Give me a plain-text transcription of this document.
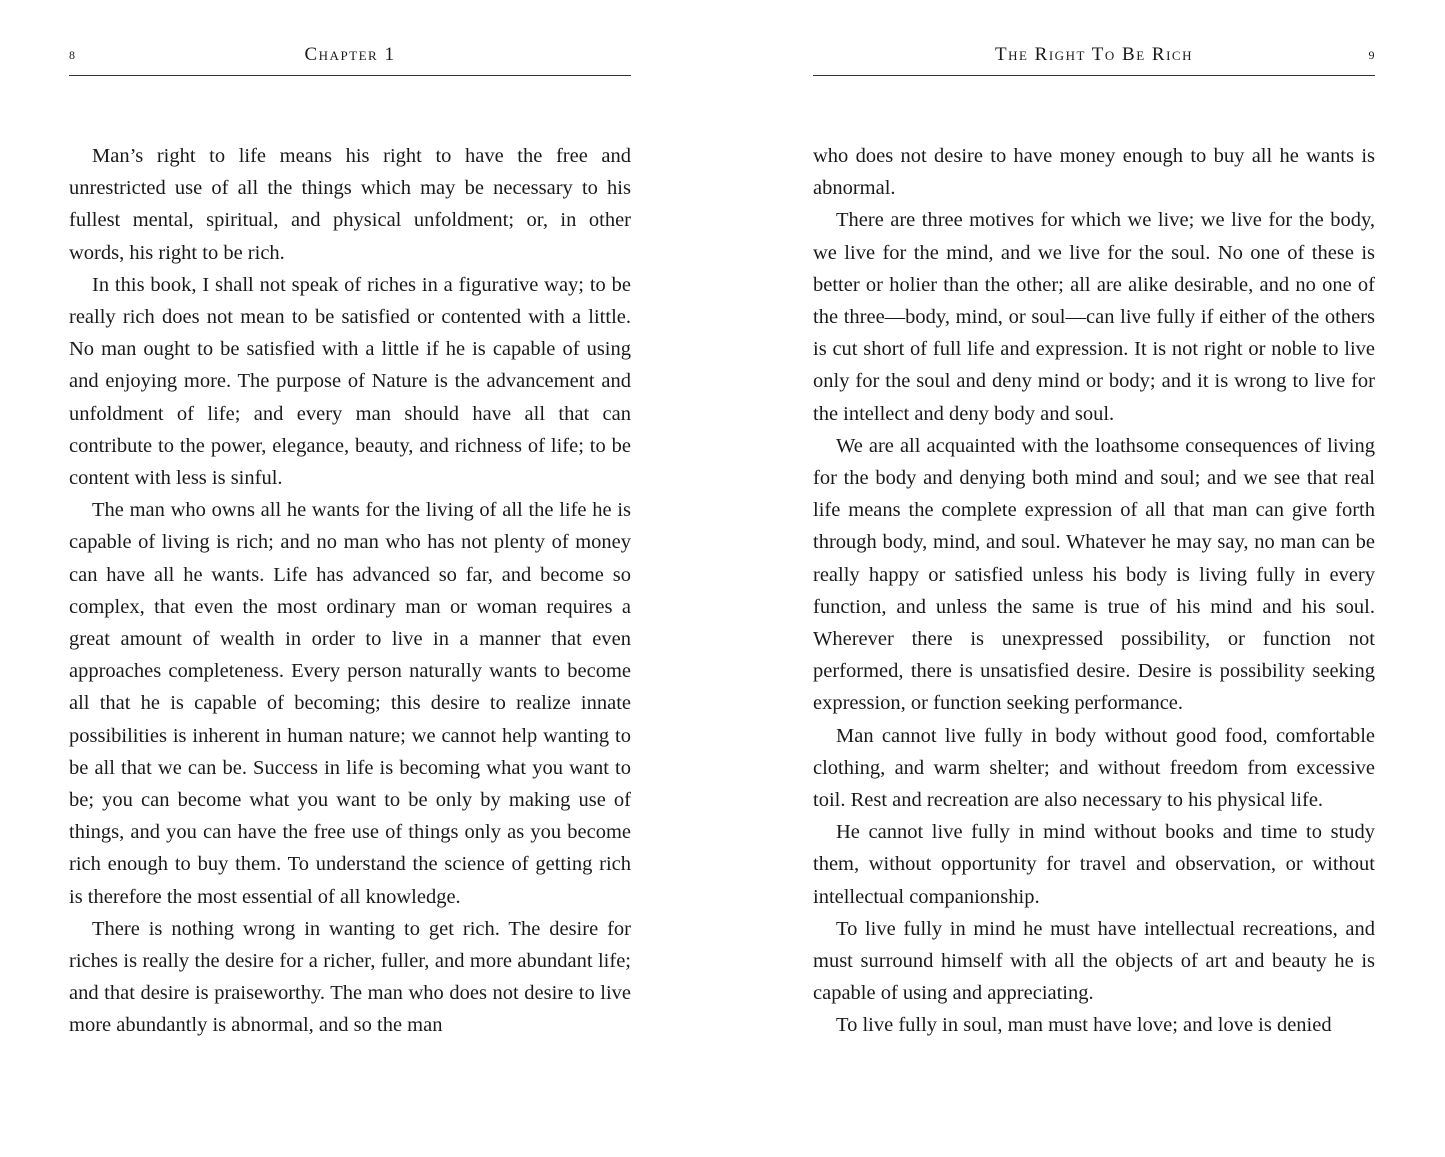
8	Chapter 1

Man’s right to life means his right to have the free and unrestricted use of all the things which may be necessary to his fullest mental, spiritual, and physical unfoldment; or, in other words, his right to be rich.

In this book, I shall not speak of riches in a figurative way; to be really rich does not mean to be satisfied or contented with a little. No man ought to be satisfied with a little if he is capable of using and enjoying more. The purpose of Nature is the advancement and unfoldment of life; and every man should have all that can contribute to the power, elegance, beauty, and richness of life; to be content with less is sinful.

The man who owns all he wants for the living of all the life he is capable of living is rich; and no man who has not plenty of money can have all he wants. Life has advanced so far, and become so complex, that even the most ordinary man or woman requires a great amount of wealth in order to live in a manner that even approaches completeness. Every person naturally wants to become all that he is capable of becoming; this desire to realize innate possibilities is inherent in human nature; we cannot help wanting to be all that we can be. Success in life is becoming what you want to be; you can become what you want to be only by making use of things, and you can have the free use of things only as you become rich enough to buy them. To understand the science of getting rich is therefore the most essential of all knowledge.

There is nothing wrong in wanting to get rich. The desire for riches is really the desire for a richer, fuller, and more abundant life; and that desire is praiseworthy. The man who does not desire to live more abundantly is abnormal, and so the man

The Right To Be Rich	9

who does not desire to have money enough to buy all he wants is abnormal.

There are three motives for which we live; we live for the body, we live for the mind, and we live for the soul. No one of these is better or holier than the other; all are alike desirable, and no one of the three—body, mind, or soul—can live fully if either of the others is cut short of full life and expression. It is not right or noble to live only for the soul and deny mind or body; and it is wrong to live for the intellect and deny body and soul.

We are all acquainted with the loathsome consequences of living for the body and denying both mind and soul; and we see that real life means the complete expression of all that man can give forth through body, mind, and soul. Whatever he may say, no man can be really happy or satisfied unless his body is living fully in every function, and unless the same is true of his mind and his soul. Wherever there is unexpressed possibility, or function not performed, there is unsatisfied desire. Desire is possibility seeking expression, or function seeking performance.

Man cannot live fully in body without good food, comfortable clothing, and warm shelter; and without freedom from excessive toil. Rest and recreation are also necessary to his physical life.

He cannot live fully in mind without books and time to study them, without opportunity for travel and observation, or without intellectual companionship.

To live fully in mind he must have intellectual recreations, and must surround himself with all the objects of art and beauty he is capable of using and appreciating.

To live fully in soul, man must have love; and love is denied
